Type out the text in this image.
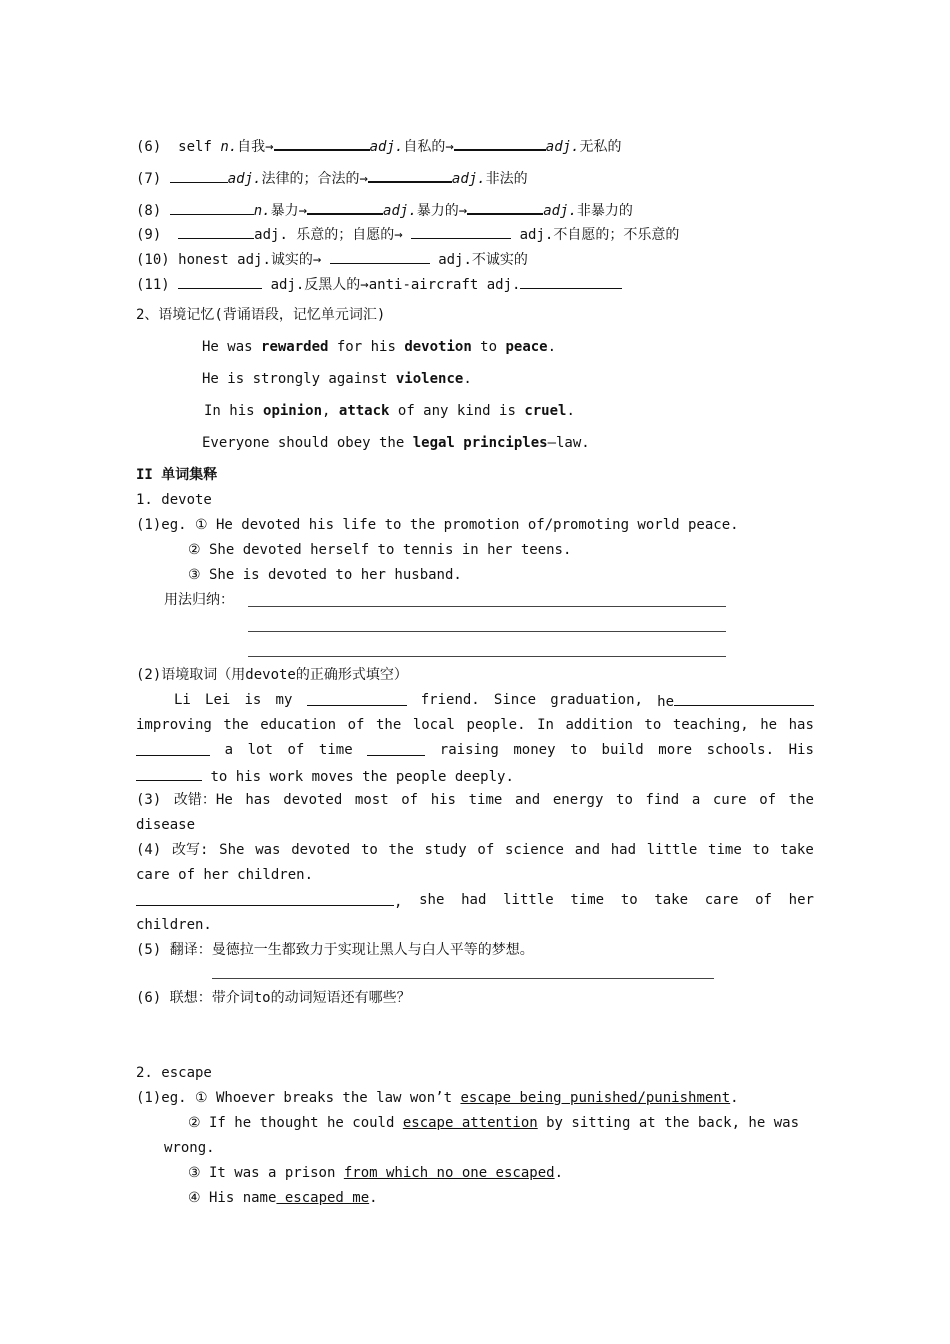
(6) self n.自我→	adj.自私的→	adj.无私的
(7)	adj.法律的；合法的→	adj.非法的
(8)	n.暴力→	adj.暴力的→	adj.非暴力的
(9)	adj. 乐意的；自愿的→	adj.不自愿的；不乐意的
(10) honest adj.诚实的→	adj.不诚实的
(11)	adj.反黑人的→anti-aircraft adj.
2、语境记忆(背诵语段，记忆单元词汇)
He was rewarded for his devotion to peace.
He is strongly against violence.
In his opinion, attack of any kind is cruel.
Everyone should obey the legal principles—law.
II 单词集释
1. devote
(1)eg. ① He devoted his life to the promotion of/promoting world peace.
② She devoted herself to tennis in her teens.
③ She is devoted to her husband.
用法归纳：
(2)语境取词（用devote的正确形式填空）
Li Lei is my	friend. Since graduation, he
improving the education of the local people. In addition to teaching, he has
a lot of time	raising money to build more schools. His
to his work moves the people deeply.
(3) 改错：He has devoted most of his time and energy to find a cure of the
disease
(4) 改写: She was devoted to the study of science and had little time to take
care of her children.
, she had little time to take care of her
children.
(5) 翻译：曼德拉一生都致力于实现让黑人与白人平等的梦想。
(6) 联想：带介词to的动词短语还有哪些？
2. escape
(1)eg. ① Whoever breaks the law won’t escape being punished/punishment.
② If he thought he could escape attention by sitting at the back, he was
wrong.
③ It was a prison from which no one escaped.
④ His name escaped me.
